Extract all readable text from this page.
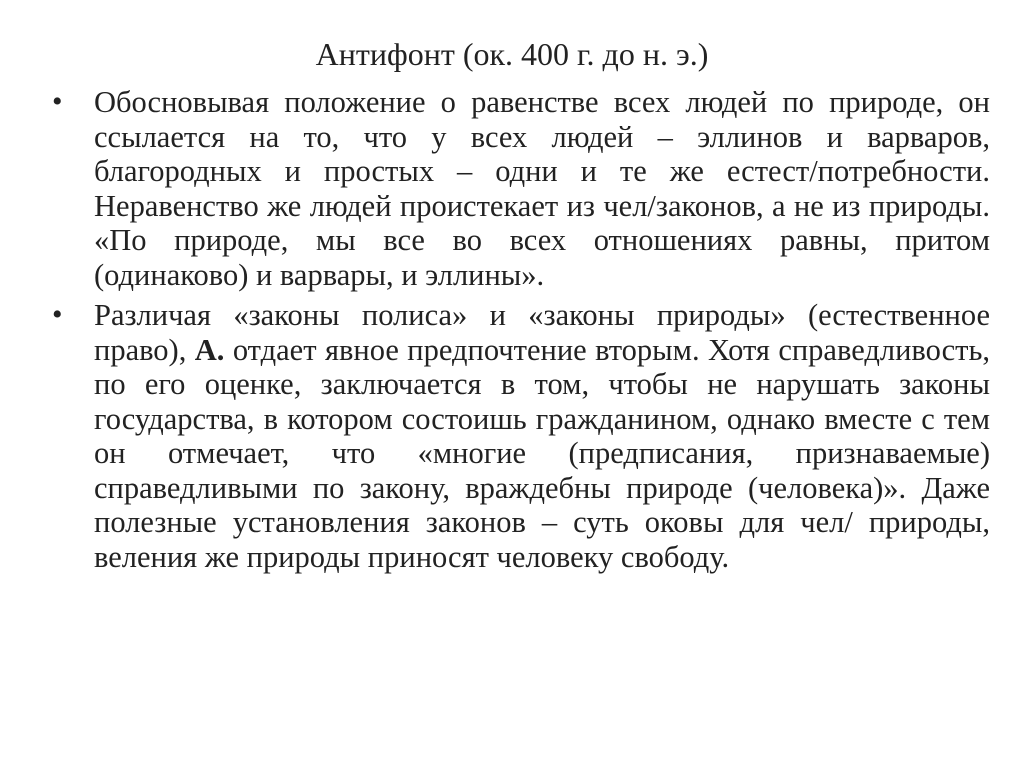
Антифонт (ок. 400 г. до н. э.)
•	Обосновывая положение о равенстве всех людей по природе, он ссылается на то, что у всех людей – эллинов и варваров, благородных и простых – одни и те же естест/потребности. Неравенство же людей проистекает из чел/законов, а не из природы. «По природе, мы все во всех отношениях равны, притом (одинаково) и варвары, и эллины».

•	Различая «законы полиса» и «законы природы» (естественное право), А. отдает явное предпочтение вторым. Хотя справедливость, по его оценке, заключается в том, чтобы не нарушать законы государства, в котором состоишь гражданином, однако вместе с тем он отмечает, что «многие (предписания, признаваемые) справедливыми по закону, враждебны природе (человека)». Даже полезные установления законов – суть оковы для чел/ природы, веления же природы приносят человеку свободу.
